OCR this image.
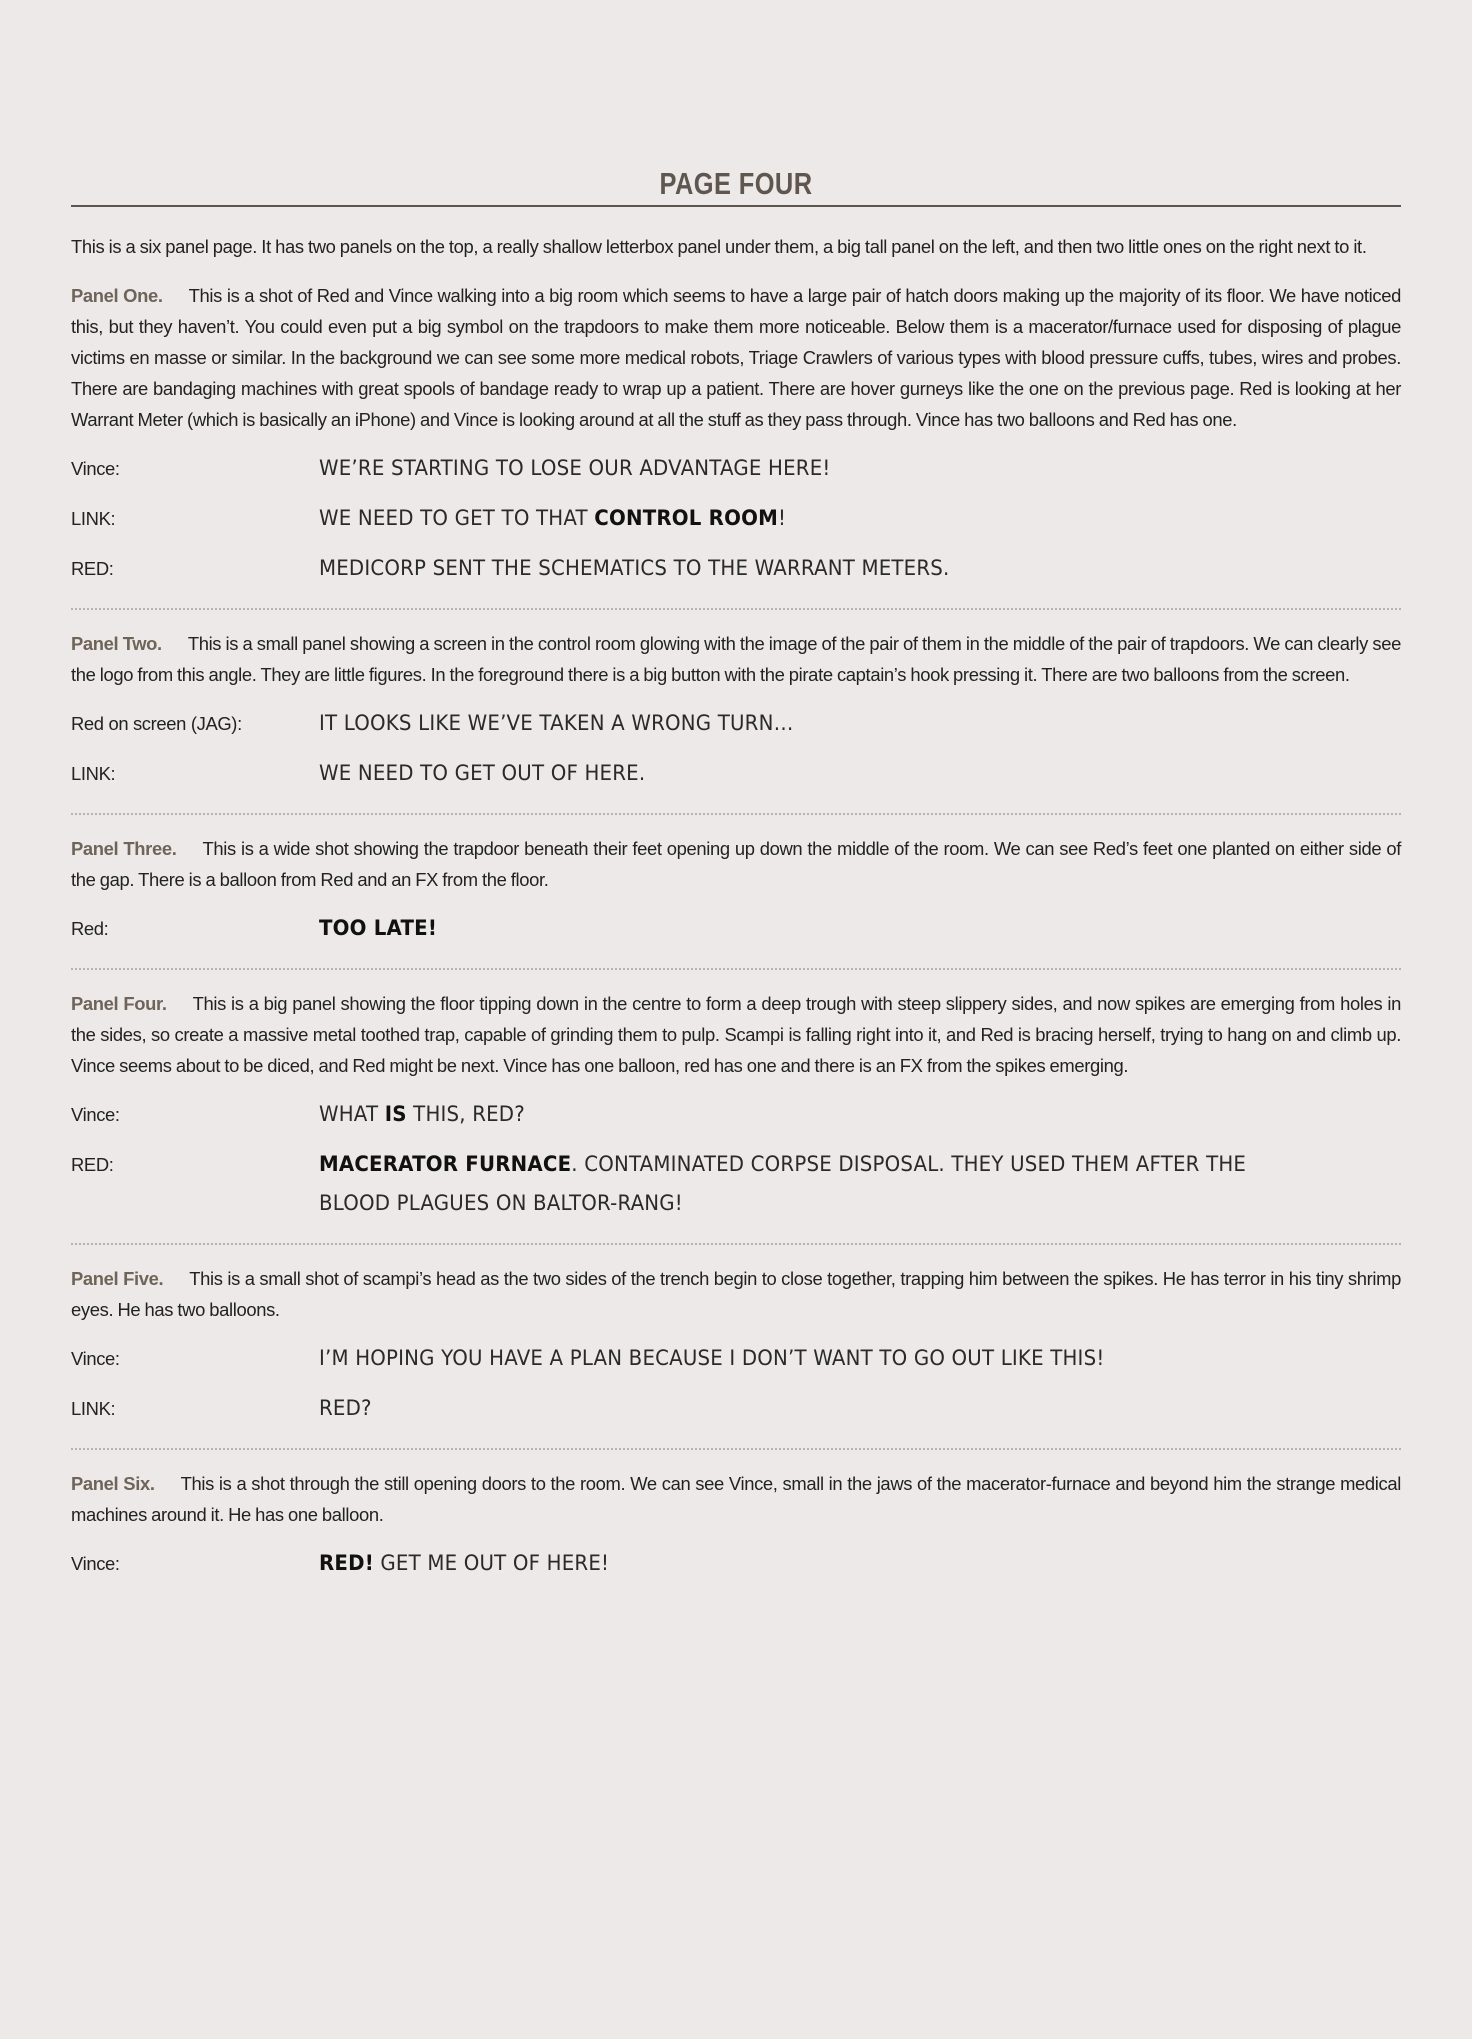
PAGE FOUR

This is a six panel page. It has two panels on the top, a really shallow letterbox panel under them, a big tall panel on the left, and then two little ones on the right next to it.

Panel One. This is a shot of Red and Vince walking into a big room which seems to have a large pair of hatch doors making up the majority of its floor. We have noticed this, but they haven’t. You could even put a big symbol on the trapdoors to make them more noticeable. Below them is a macerator/furnace used for disposing of plague victims en masse or similar. In the background we can see some more medical robots, Triage Crawlers of various types with blood pressure cuffs, tubes, wires and probes. There are bandaging machines with great spools of bandage ready to wrap up a patient. There are hover gurneys like the one on the previous page. Red is looking at her Warrant Meter (which is basically an iPhone) and Vince is looking around at all the stuff as they pass through. Vince has two balloons and Red has one.

Vince:	WE’RE STARTING TO LOSE OUR ADVANTAGE HERE!
LINK:	WE NEED TO GET TO THAT CONTROL ROOM!
RED:	MEDICORP SENT THE SCHEMATICS TO THE WARRANT METERS.

Panel Two. This is a small panel showing a screen in the control room glowing with the image of the pair of them in the middle of the pair of trapdoors. We can clearly see the logo from this angle. They are little figures. In the foreground there is a big button with the pirate captain’s hook pressing it. There are two balloons from the screen.

Red on screen (JAG):	IT LOOKS LIKE WE’VE TAKEN A WRONG TURN…
LINK:	WE NEED TO GET OUT OF HERE.

Panel Three. This is a wide shot showing the trapdoor beneath their feet opening up down the middle of the room. We can see Red’s feet one planted on either side of the gap. There is a balloon from Red and an FX from the floor.

Red:	TOO LATE!

Panel Four. This is a big panel showing the floor tipping down in the centre to form a deep trough with steep slippery sides, and now spikes are emerging from holes in the sides, so create a massive metal toothed trap, capable of grinding them to pulp. Scampi is falling right into it, and Red is bracing herself, trying to hang on and climb up. Vince seems about to be diced, and Red might be next. Vince has one balloon, red has one and there is an FX from the spikes emerging.

Vince:	WHAT IS THIS, RED?
RED:	MACERATOR FURNACE. CONTAMINATED CORPSE DISPOSAL. THEY USED THEM AFTER THE BLOOD PLAGUES ON BALTOR-RANG!

Panel Five. This is a small shot of scampi’s head as the two sides of the trench begin to close together, trapping him between the spikes. He has terror in his tiny shrimp eyes. He has two balloons.

Vince:	I’M HOPING YOU HAVE A PLAN BECAUSE I DON’T WANT TO GO OUT LIKE THIS!
LINK:	RED?

Panel Six. This is a shot through the still opening doors to the room. We can see Vince, small in the jaws of the macerator-furnace and beyond him the strange medical machines around it. He has one balloon.

Vince:	RED! GET ME OUT OF HERE!
